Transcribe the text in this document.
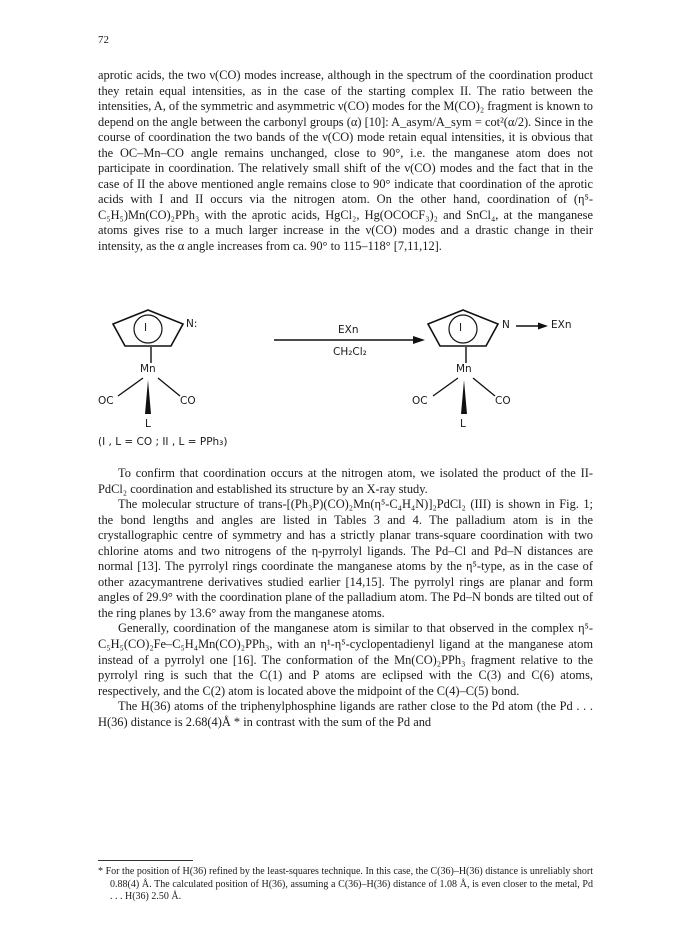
72

aprotic acids, the two ν(CO) modes increase, although in the spectrum of the coordination product they retain equal intensities, as in the case of the starting complex II. The ratio between the intensities, A, of the symmetric and asymmetric ν(CO) modes for the M(CO)₂ fragment is known to depend on the angle between the carbonyl groups (α) [10]: A_asym/A_sym = cot²(α/2). Since in the course of coordination the two bands of the ν(CO) mode retain equal intensities, it is obvious that the OC–Mn–CO angle remains unchanged, close to 90°, i.e. the manganese atom does not participate in coordination. The relatively small shift of the ν(CO) modes and the fact that in the case of II the above mentioned angle remains close to 90° indicate that coordination of the aprotic acids with I and II occurs via the nitrogen atom. On the other hand, coordination of (η⁵-C₅H₅)Mn(CO)₂PPh₃ with the aprotic acids, HgCl₂, Hg(OCOCF₃)₂ and SnCl₄, at the manganese atoms gives rise to a much larger increase in the ν(CO) modes and a drastic change in their intensity, as the α angle increases from ca. 90° to 115–118° [7,11,12].

I	N:
Mn
OC	CO
L
EXn
CH₂Cl₂
I	N	EXn
Mn
OC	CO
L
(I , L = CO ; II , L = PPh₃)

To confirm that coordination occurs at the nitrogen atom, we isolated the product of the II-PdCl₂ coordination and established its structure by an X-ray study.

The molecular structure of trans-[(Ph₃P)(CO)₂Mn(η⁵-C₄H₄N)]₂PdCl₂ (III) is shown in Fig. 1; the bond lengths and angles are listed in Tables 3 and 4. The palladium atom is in the crystallographic centre of symmetry and has a strictly planar trans-square coordination with two chlorine atoms and two nitrogens of the η-pyrrolyl ligands. The Pd–Cl and Pd–N distances are normal [13]. The pyrrolyl rings coordinate the manganese atoms by the η⁵-type, as in the case of other azacymantrene derivatives studied earlier [14,15]. The pyrrolyl rings are planar and form angles of 29.9° with the coordination plane of the palladium atom. The Pd–N bonds are tilted out of the ring planes by 13.6° away from the manganese atoms.

Generally, coordination of the manganese atom is similar to that observed in the complex η⁵-C₅H₅(CO)₂Fe–C₅H₄Mn(CO)₂PPh₃, with an η¹-η⁵-cyclopentadienyl ligand at the manganese atom instead of a pyrrolyl one [16]. The conformation of the Mn(CO)₂PPh₃ fragment relative to the pyrrolyl ring is such that the C(1) and P atoms are eclipsed with the C(3) and C(6) atoms, respectively, and the C(2) atom is located above the midpoint of the C(4)–C(5) bond.

The H(36) atoms of the triphenylphosphine ligands are rather close to the Pd atom (the Pd . . . H(36) distance is 2.68(4)Å * in contrast with the sum of the Pd and

* For the position of H(36) refined by the least-squares technique. In this case, the C(36)–H(36) distance is unreliably short 0.88(4) Å. The calculated position of H(36), assuming a C(36)–H(36) distance of 1.08 Å, is even closer to the metal, Pd . . . H(36) 2.50 Å.
